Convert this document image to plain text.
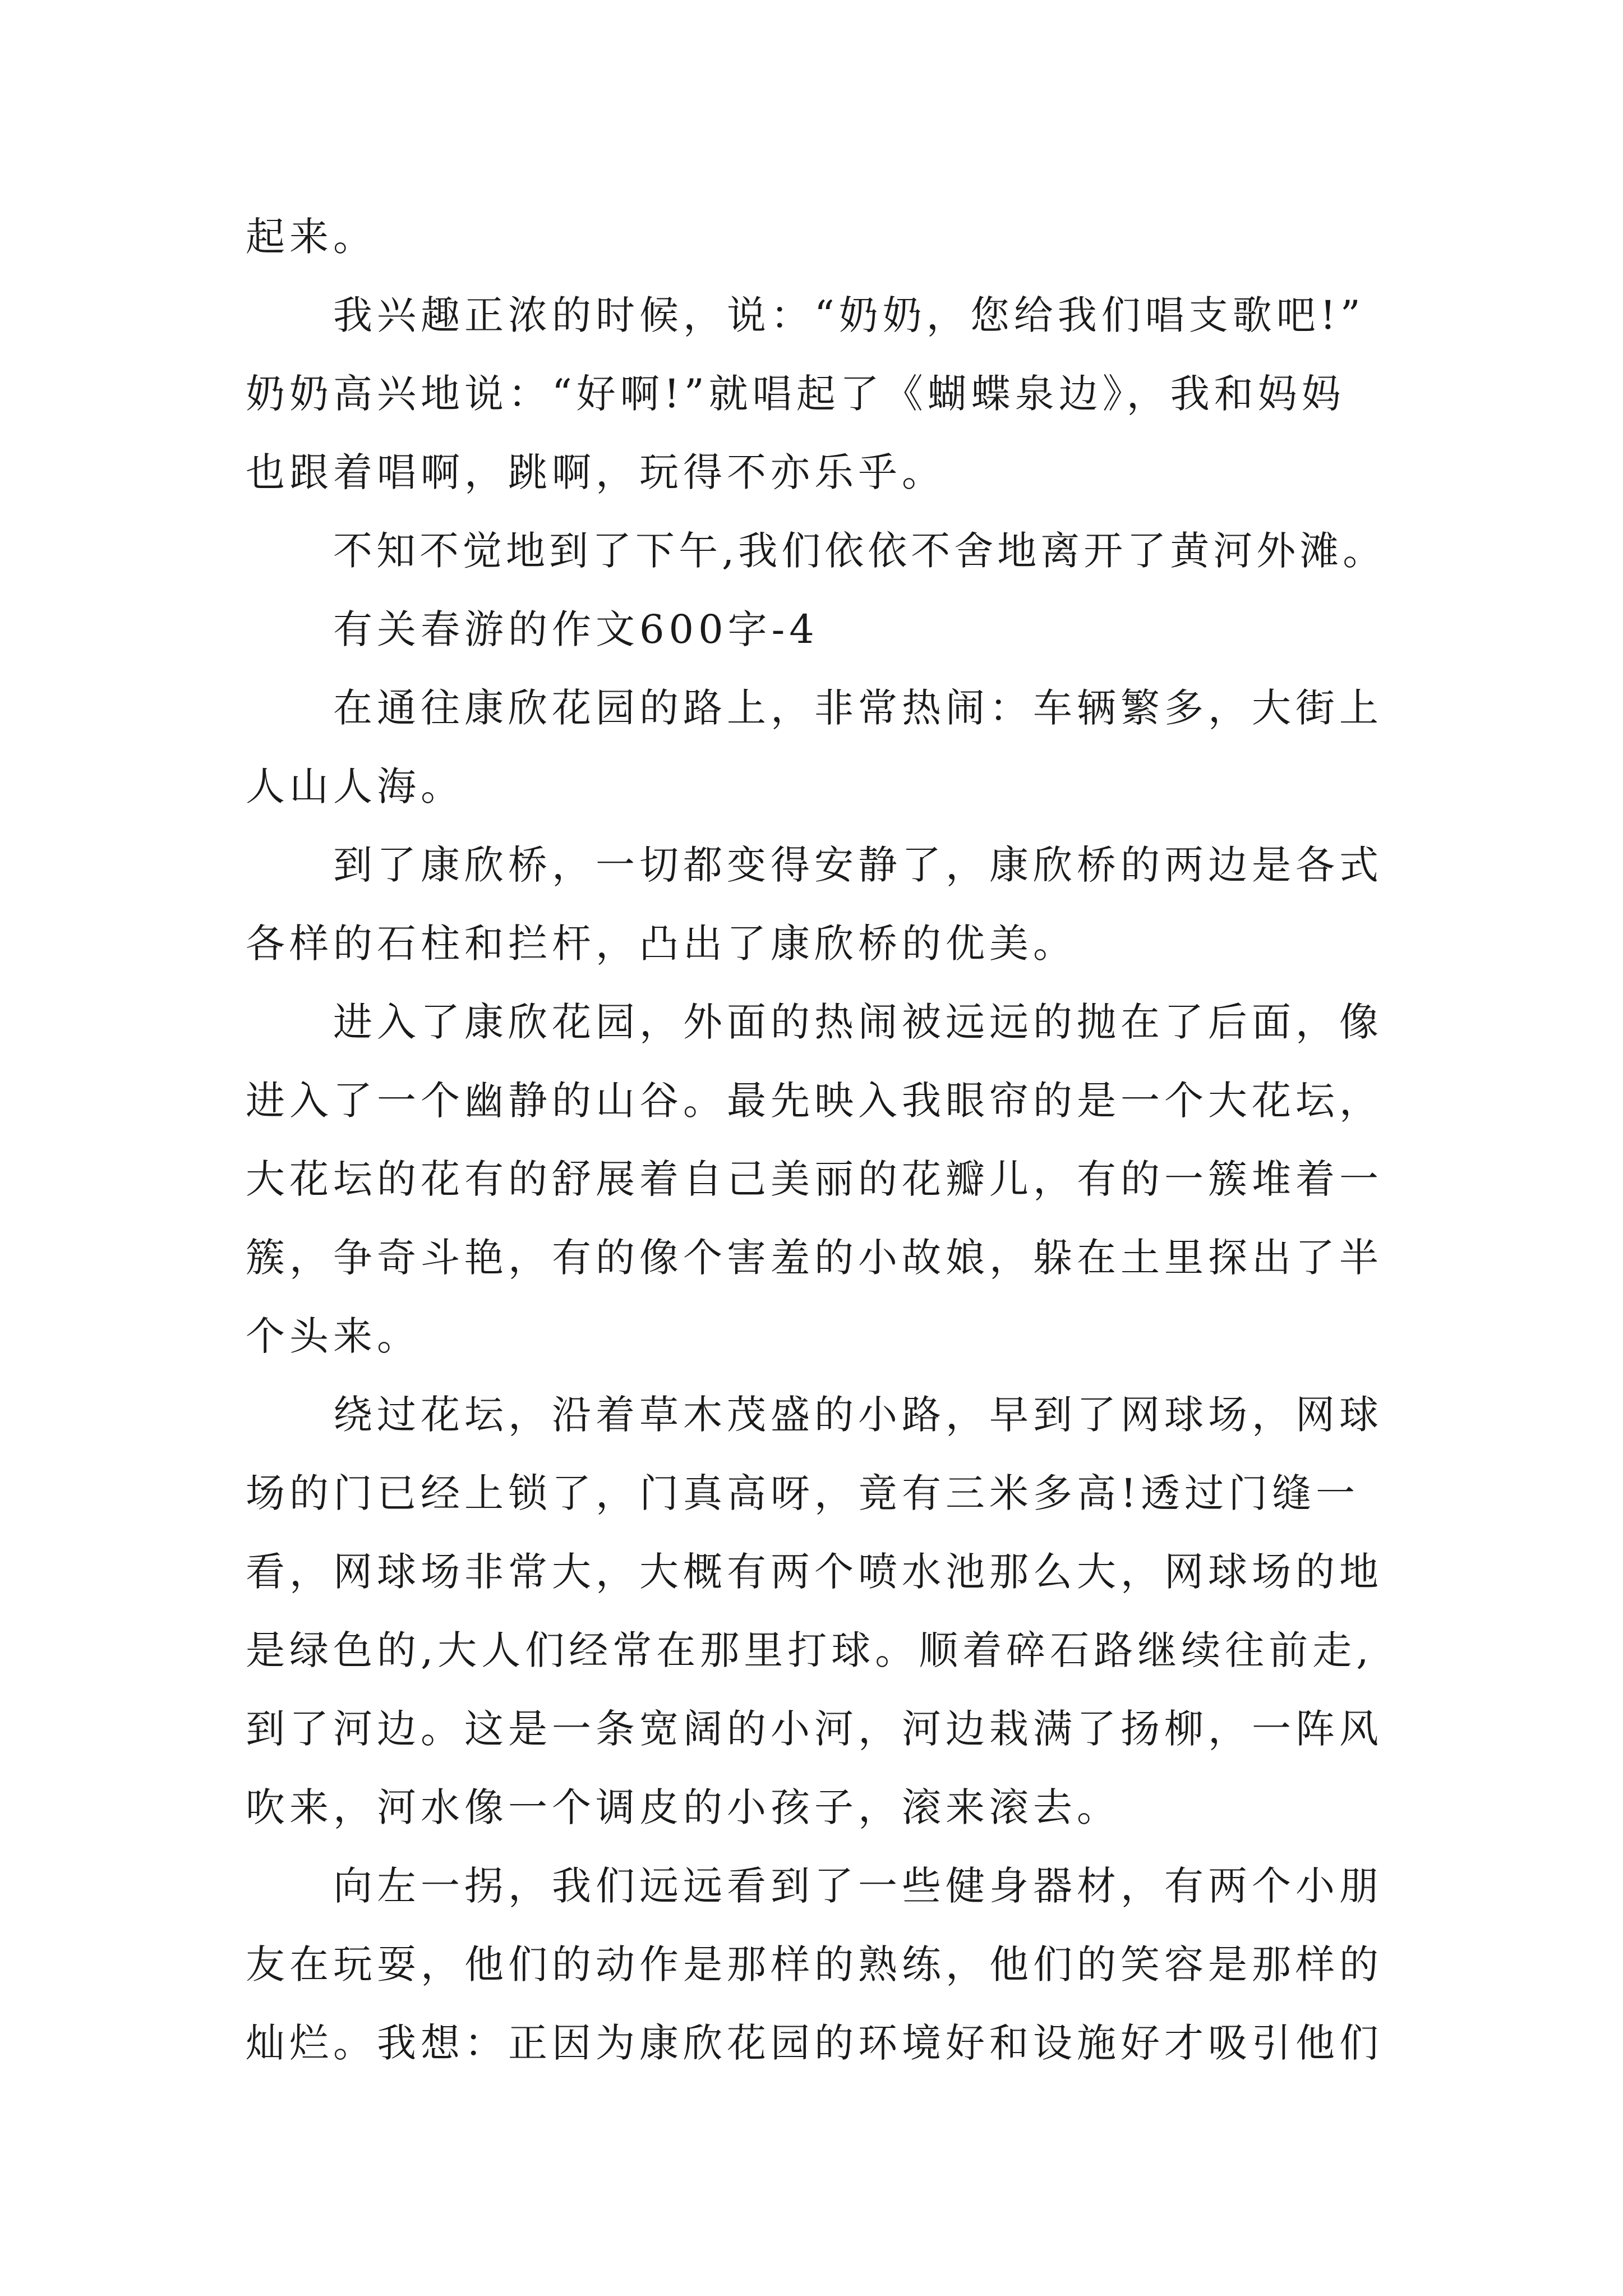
起来。

我兴趣正浓的时候，说：“奶奶，您给我们唱支歌吧!”

奶奶高兴地说：“好啊!”就唱起了《蝴蝶泉边》，我和妈妈

也跟着唱啊，跳啊，玩得不亦乐乎。

不知不觉地到了下午,我们依依不舍地离开了黄河外滩。

有关春游的作文600字-4

在通往康欣花园的路上，非常热闹：车辆繁多，大街上

人山人海。

到了康欣桥，一切都变得安静了，康欣桥的两边是各式

各样的石柱和拦杆，凸出了康欣桥的优美。

进入了康欣花园，外面的热闹被远远的抛在了后面，像

进入了一个幽静的山谷。最先映入我眼帘的是一个大花坛，

大花坛的花有的舒展着自己美丽的花瓣儿，有的一簇堆着一

簇，争奇斗艳，有的像个害羞的小故娘，躲在土里探出了半

个头来。

绕过花坛，沿着草木茂盛的小路，早到了网球场，网球

场的门已经上锁了，门真高呀，竟有三米多高!透过门缝一

看，网球场非常大，大概有两个喷水池那么大，网球场的地

是绿色的,大人们经常在那里打球。顺着碎石路继续往前走,

到了河边。这是一条宽阔的小河，河边栽满了扬柳，一阵风

吹来，河水像一个调皮的小孩子，滚来滚去。

向左一拐，我们远远看到了一些健身器材，有两个小朋

友在玩耍，他们的动作是那样的熟练，他们的笑容是那样的

灿烂。我想：正因为康欣花园的环境好和设施好才吸引他们
